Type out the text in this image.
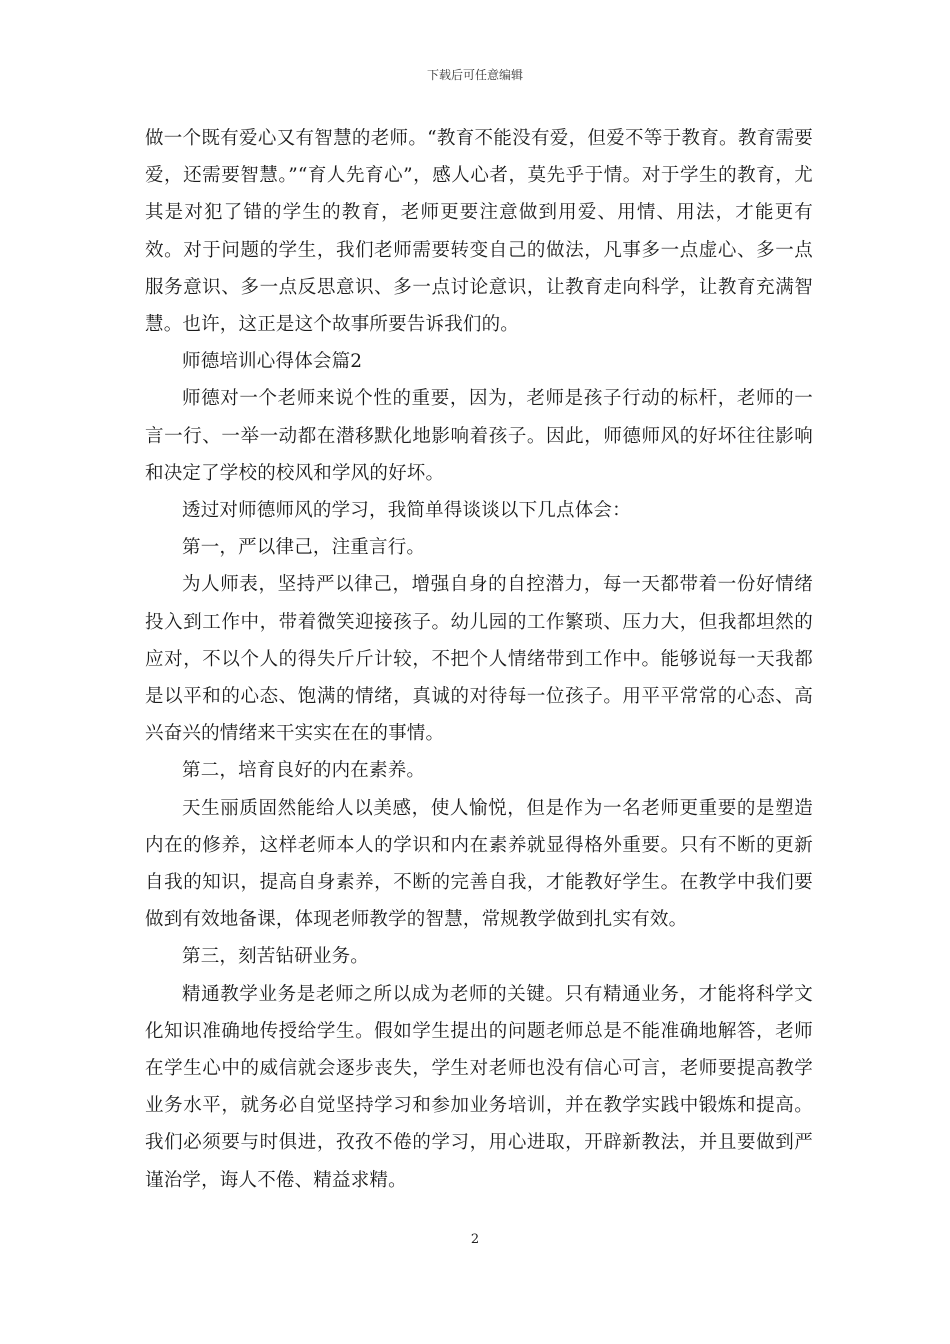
下载后可任意编辑

做一个既有爱心又有智慧的老师。“教育不能没有爱，但爱不等于教育。教育需要爱，还需要智慧。”“育人先育心”，感人心者，莫先乎于情。对于学生的教育，尤其是对犯了错的学生的教育，老师更要注意做到用爱、用情、用法，才能更有效。对于问题的学生，我们老师需要转变自己的做法，凡事多一点虚心、多一点服务意识、多一点反思意识、多一点讨论意识，让教育走向科学，让教育充满智慧。也许，这正是这个故事所要告诉我们的。

师德培训心得体会篇2

师德对一个老师来说个性的重要，因为，老师是孩子行动的标杆，老师的一言一行、一举一动都在潜移默化地影响着孩子。因此，师德师风的好坏往往影响和决定了学校的校风和学风的好坏。

透过对师德师风的学习，我简单得谈谈以下几点体会：

第一，严以律己，注重言行。

为人师表，坚持严以律己，增强自身的自控潜力，每一天都带着一份好情绪投入到工作中，带着微笑迎接孩子。幼儿园的工作繁琐、压力大，但我都坦然的应对，不以个人的得失斤斤计较，不把个人情绪带到工作中。能够说每一天我都是以平和的心态、饱满的情绪，真诚的对待每一位孩子。用平平常常的心态、高兴奋兴的情绪来干实实在在的事情。

第二，培育良好的内在素养。

天生丽质固然能给人以美感，使人愉悦，但是作为一名老师更重要的是塑造内在的修养，这样老师本人的学识和内在素养就显得格外重要。只有不断的更新自我的知识，提高自身素养，不断的完善自我，才能教好学生。在教学中我们要做到有效地备课，体现老师教学的智慧，常规教学做到扎实有效。

第三，刻苦钻研业务。

精通教学业务是老师之所以成为老师的关键。只有精通业务，才能将科学文化知识准确地传授给学生。假如学生提出的问题老师总是不能准确地解答，老师在学生心中的威信就会逐步丧失，学生对老师也没有信心可言，老师要提高教学业务水平，就务必自觉坚持学习和参加业务培训，并在教学实践中锻炼和提高。我们必须要与时俱进，孜孜不倦的学习，用心进取，开辟新教法，并且要做到严谨治学，诲人不倦、精益求精。

2
